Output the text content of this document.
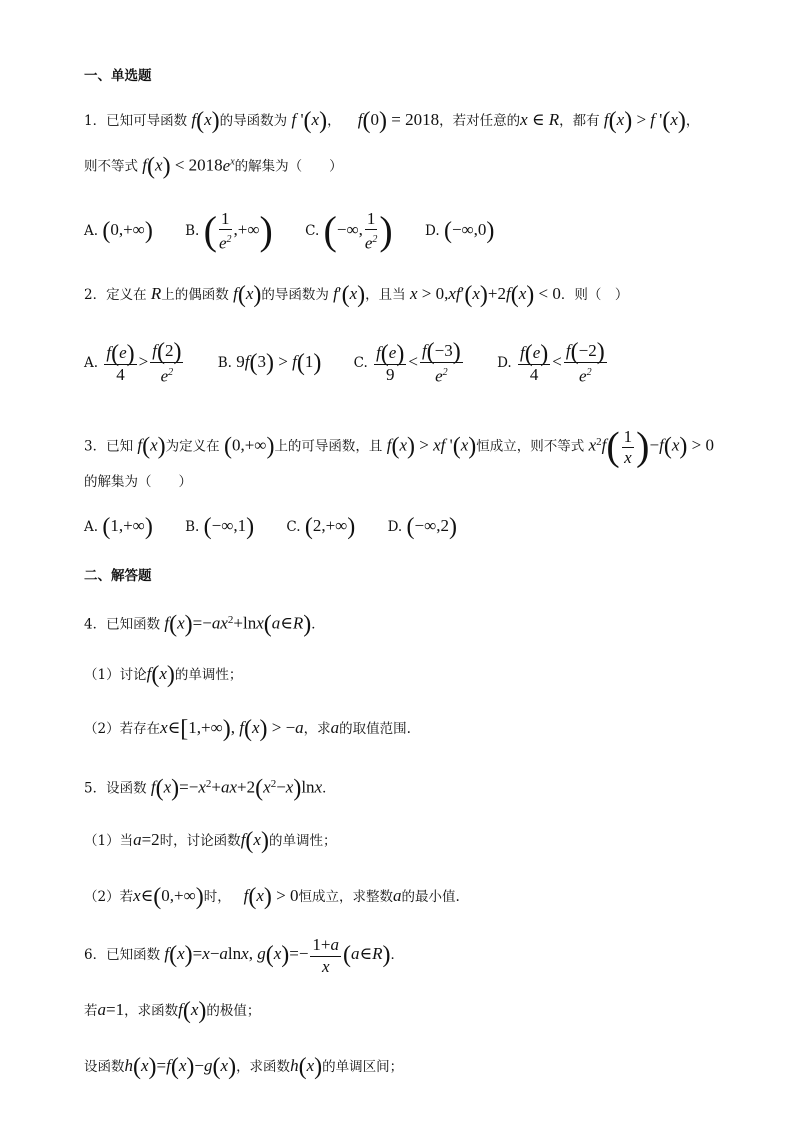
一、单选题
1．已知可导函数 f(x)的导函数为 f '(x)， f(0) = 2018，若对任意的x ∈ R，都有 f(x) > f '(x)，
则不等式 $f(x) < 2018e^x$的解集为（　　）
A. (0,+∞) B. ( $\frac{1}{e^2}$ ,+∞) C. (−∞, $\frac{1}{e^2}$ ) D. (−∞,0)
2．定义在 R上的偶函数 f(x)的导函数为 f′(x)，且当 x > 0,xf′(x)+2f(x) < 0．则（　）
A.
f(e)
4
>
f(2)
$e^2$
B. 9f(3) > f(1) C.
f(e)
9
<
f(−3)
$e^2$
D.
f(e)
4
<
f(−2)
$e^2$
3．已知 f(x)为定义在 (0,+∞)上的可导函数，且 f(x) > xf '(x)恒成立，则不等式 $x^2f( \frac{1}{x} )-f(x) > 0$
的解集为（　　）
A. (1,+∞) B. (−∞,1) C. (2,+∞) D. (−∞,2)
二、解答题
4．已知函数 $f(x)=-ax^2+\ln x(a\in R)$．
（1）讨论f(x)的单调性；
（2）若存在x∈[1,+∞), f(x) > −a，求a的取值范围.
5．设函数 $f(x)=-x^2+ax+2(x^2-x)\ln x$．
（1）当a=2时，讨论函数f(x)的单调性；
（2）若x∈(0,+∞)时， f(x) > 0恒成立，求整数a的最小值.
6．已知函数 f(x)=x−alnx, g(x)=− 1+a
x (a∈R)．
若a=1，求函数f(x)的极值；
设函数h(x)=f(x)−g(x)，求函数h(x)的单调区间；
